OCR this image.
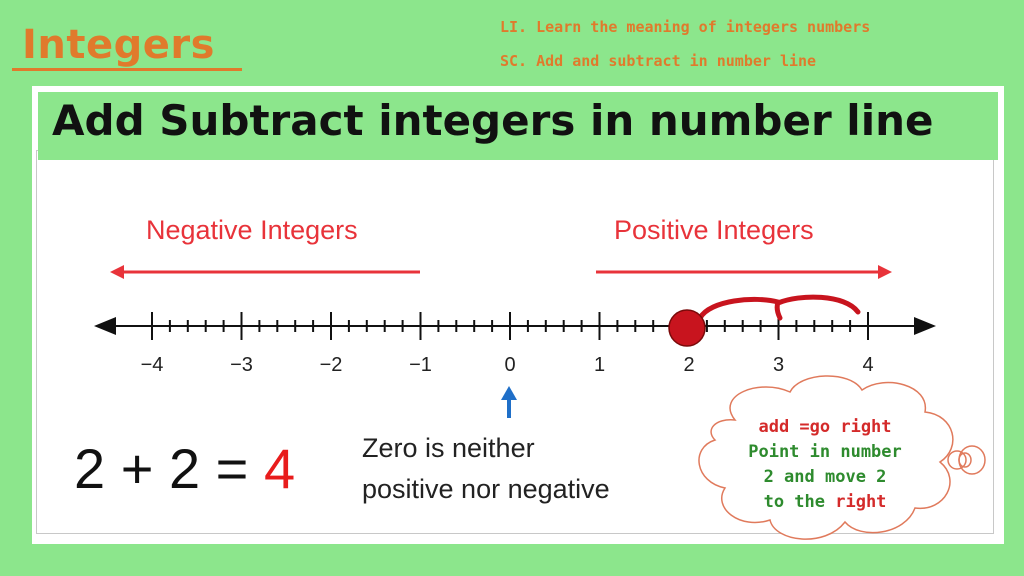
Integers	LI. Learn the meaning of integers numbers
SC. Add and subtract in number line
Add Subtract integers in number line
Negative Integers	Positive Integers
−4	−3	−2	−1	0	1	2	3	4
2 + 2 = 4 Zero is neither
positive nor negative
add =go right
Point in number
2 and move 2
to the right
